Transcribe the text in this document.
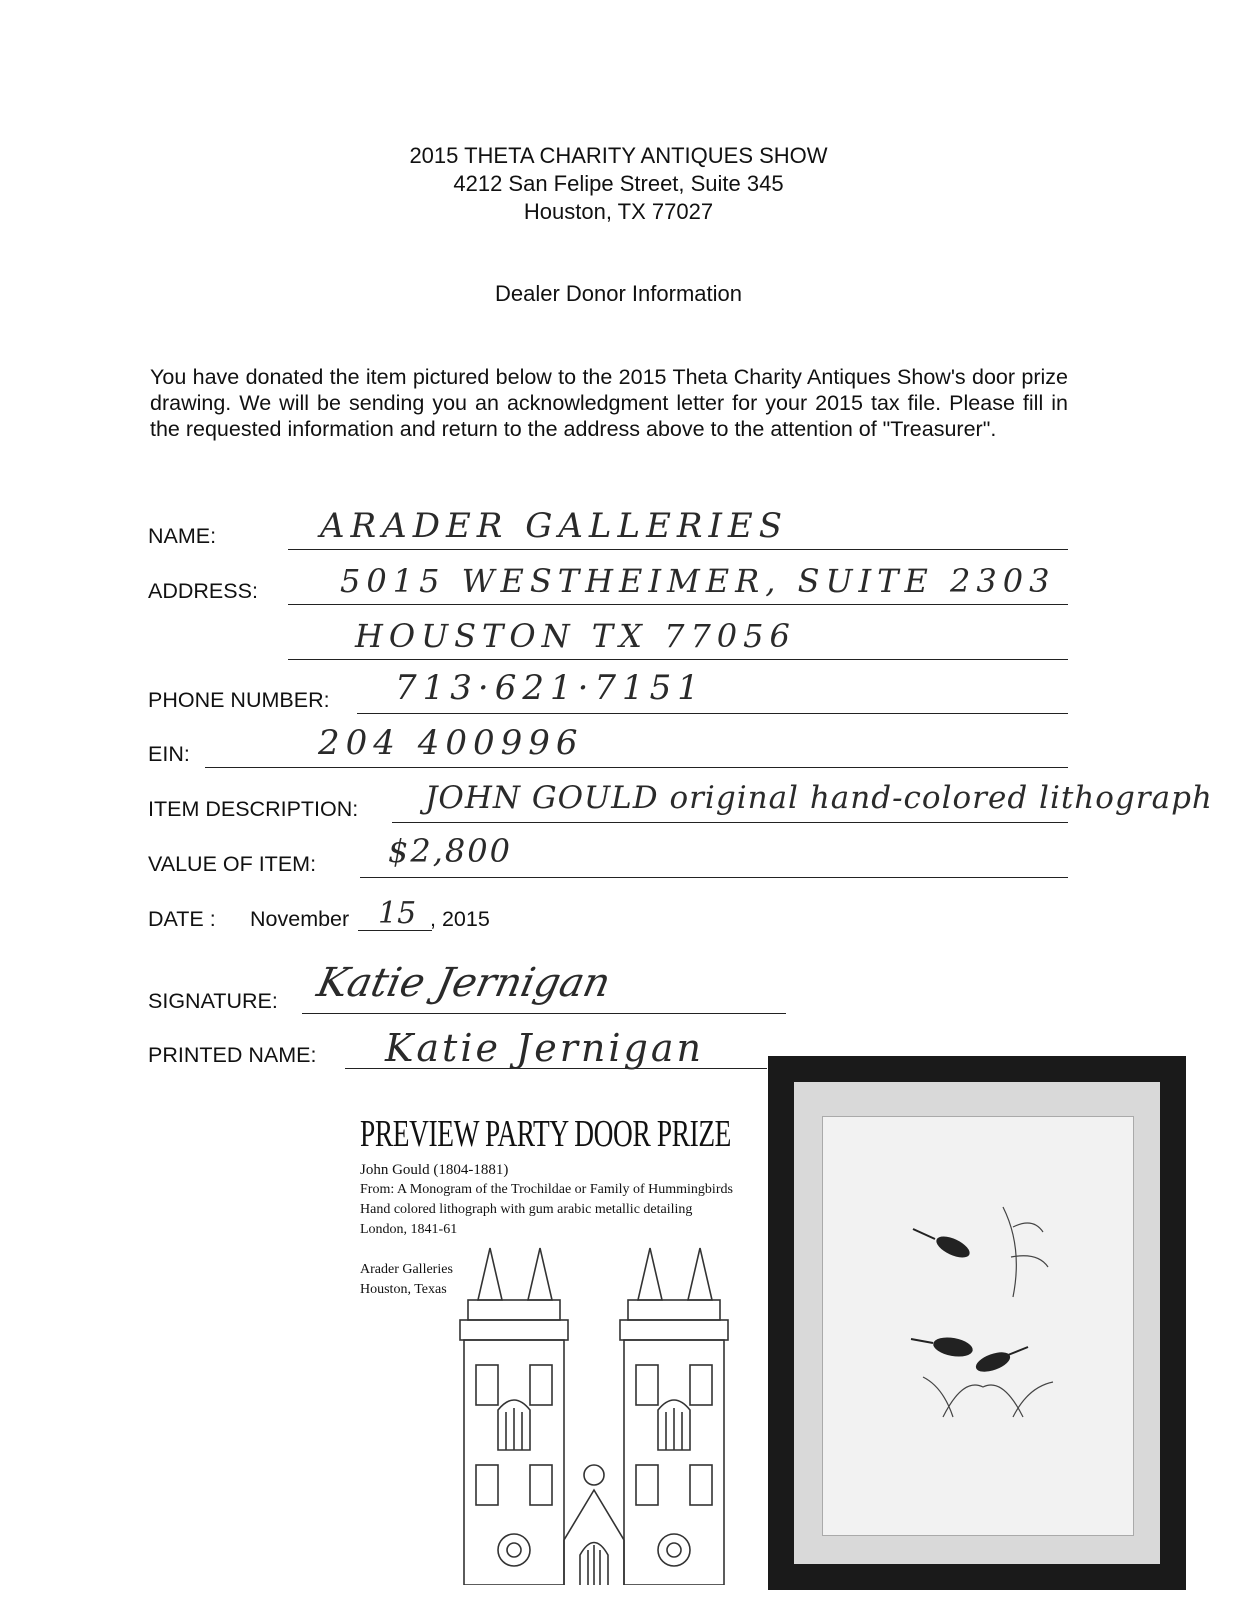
2015 THETA CHARITY ANTIQUES SHOW
4212 San Felipe Street, Suite 345
Houston, TX 77027
Dealer Donor Information
You have donated the item pictured below to the 2015 Theta Charity Antiques Show's door prize drawing. We will be sending you an acknowledgment letter for your 2015 tax file. Please fill in the requested information and return to the address above to the attention of "Treasurer".
NAME:	ARADER GALLERIES
ADDRESS:	5015 WESTHEIMER, SUITE 2303
HOUSTON TX 77056
PHONE NUMBER: 713·621·7151
EIN:	204 400996
ITEM DESCRIPTION: JOHN GOULD original hand-colored lithograph
VALUE OF ITEM: $2,800
DATE : November 15 , 2015
SIGNATURE: Katie Jernigan
PRINTED NAME: Katie Jernigan
PREVIEW PARTY DOOR PRIZE
John Gould (1804-1881)
From: A Monogram of the Trochildae or Family of Hummingbirds
Hand colored lithograph with gum arabic metallic detailing
London, 1841-61
Arader Galleries
Houston, Texas
